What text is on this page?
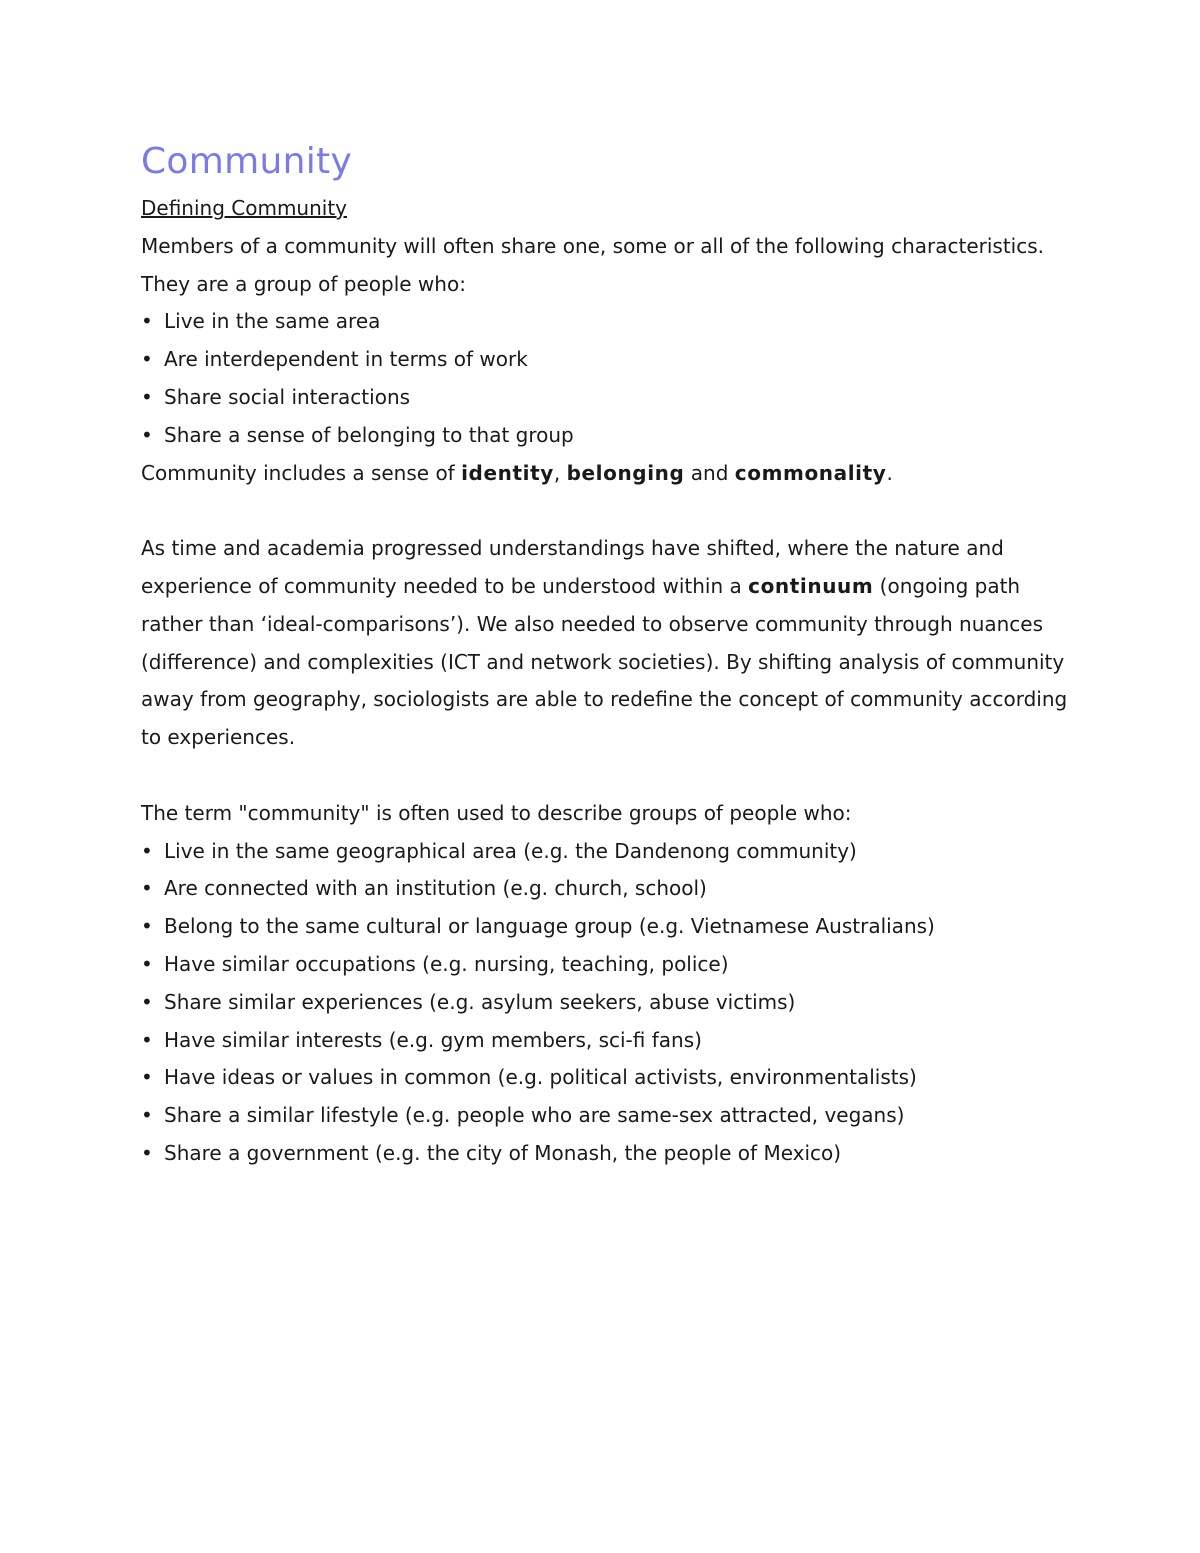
Community

Defining Community

Members of a community will often share one, some or all of the following characteristics. They are a group of people who:

• Live in the same area
• Are interdependent in terms of work
• Share social interactions
• Share a sense of belonging to that group

Community includes a sense of identity, belonging and commonality.

As time and academia progressed understandings have shifted, where the nature and experience of community needed to be understood within a continuum (ongoing path rather than ‘ideal-comparisons’). We also needed to observe community through nuances (difference) and complexities (ICT and network societies). By shifting analysis of community away from geography, sociologists are able to redefine the concept of community according to experiences.

The term "community" is often used to describe groups of people who:

• Live in the same geographical area (e.g. the Dandenong community)
• Are connected with an institution (e.g. church, school)
• Belong to the same cultural or language group (e.g. Vietnamese Australians)
• Have similar occupations (e.g. nursing, teaching, police)
• Share similar experiences (e.g. asylum seekers, abuse victims)
• Have similar interests (e.g. gym members, sci-fi fans)
• Have ideas or values in common (e.g. political activists, environmentalists)
• Share a similar lifestyle (e.g. people who are same-sex attracted, vegans)
• Share a government (e.g. the city of Monash, the people of Mexico)
